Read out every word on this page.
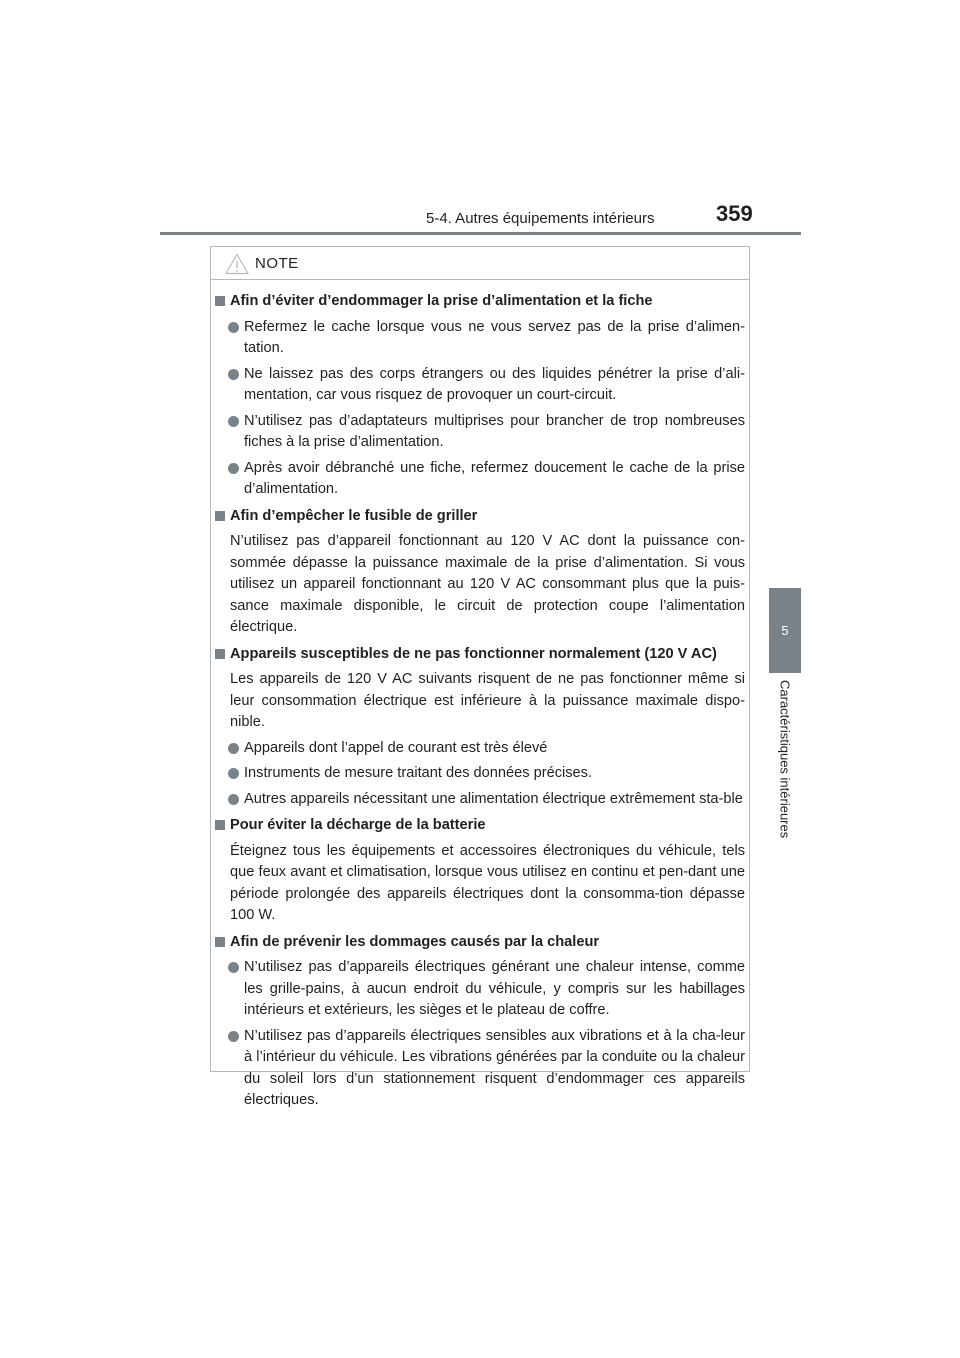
5-4. Autres équipements intérieurs	359
5
Caractéristiques intérieures
NOTE
Afin d’éviter d’endommager la prise d’alimentation et la fiche
Refermez le cache lorsque vous ne vous servez pas de la prise d’alimen-tation.
Ne laissez pas des corps étrangers ou des liquides pénétrer la prise d’ali-mentation, car vous risquez de provoquer un court-circuit.
N’utilisez pas d’adaptateurs multiprises pour brancher de trop nombreuses fiches à la prise d’alimentation.
Après avoir débranché une fiche, refermez doucement le cache de la prise d’alimentation.
Afin d’empêcher le fusible de griller
N’utilisez pas d’appareil fonctionnant au 120 V AC dont la puissance con-sommée dépasse la puissance maximale de la prise d’alimentation. Si vous utilisez un appareil fonctionnant au 120 V AC consommant plus que la puis-sance maximale disponible, le circuit de protection coupe l’alimentation électrique.
Appareils susceptibles de ne pas fonctionner normalement (120 V AC)
Les appareils de 120 V AC suivants risquent de ne pas fonctionner même si leur consommation électrique est inférieure à la puissance maximale dispo-nible.
Appareils dont l’appel de courant est très élevé
Instruments de mesure traitant des données précises.
Autres appareils nécessitant une alimentation électrique extrêmement sta-ble
Pour éviter la décharge de la batterie
Éteignez tous les équipements et accessoires électroniques du véhicule, tels que feux avant et climatisation, lorsque vous utilisez en continu et pen-dant une période prolongée des appareils électriques dont la consomma-tion dépasse 100 W.
Afin de prévenir les dommages causés par la chaleur
N’utilisez pas d’appareils électriques générant une chaleur intense, comme les grille-pains, à aucun endroit du véhicule, y compris sur les habillages intérieurs et extérieurs, les sièges et le plateau de coffre.
N’utilisez pas d’appareils électriques sensibles aux vibrations et à la cha-leur à l’intérieur du véhicule. Les vibrations générées par la conduite ou la chaleur du soleil lors d’un stationnement risquent d’endommager ces appareils électriques.
